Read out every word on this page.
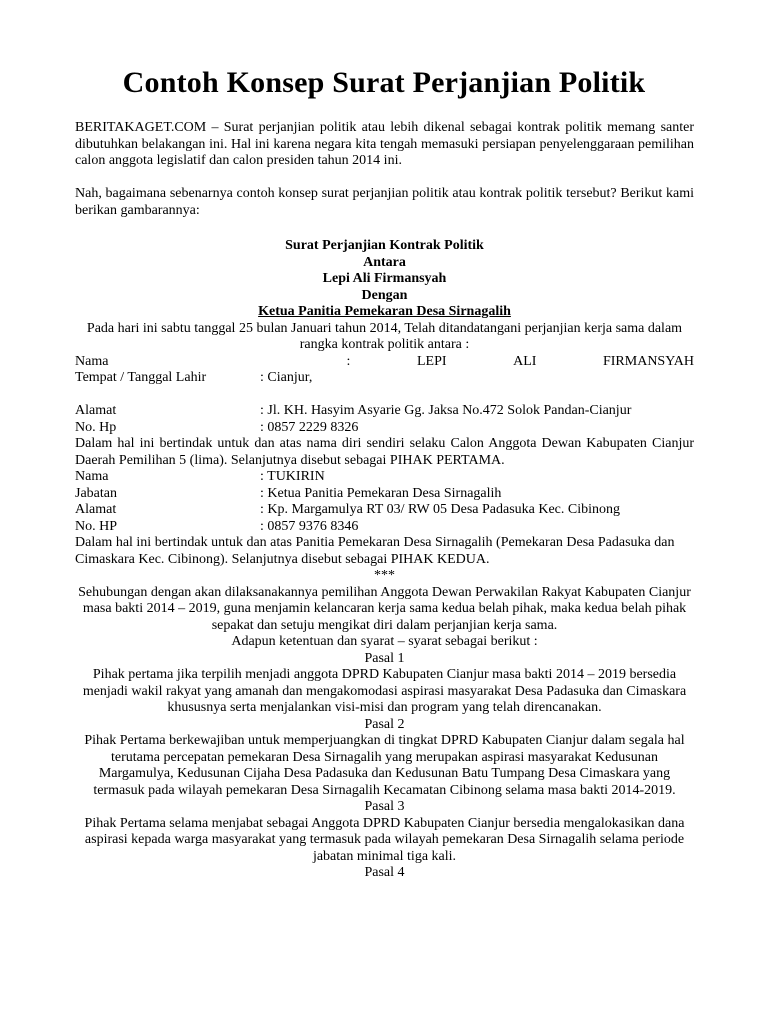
Contoh Konsep Surat Perjanjian Politik

BERITAKAGET.COM – Surat perjanjian politik atau lebih dikenal sebagai kontrak politik memang santer dibutuhkan belakangan ini. Hal ini karena negara kita tengah memasuki persiapan penyelenggaraan pemilihan calon anggota legislatif dan calon presiden tahun 2014 ini.

Nah, bagaimana sebenarnya contoh konsep surat perjanjian politik atau kontrak politik tersebut? Berikut kami berikan gambarannya:

Surat Perjanjian Kontrak Politik

Antara

Lepi Ali Firmansyah

Dengan

Ketua Panitia Pemekaran Desa Sirnagalih

Pada hari ini sabtu tanggal 25 bulan Januari tahun 2014, Telah ditandatangani perjanjian kerja sama dalam rangka kontrak politik antara :

Nama	:	LEPI	ALI	FIRMANSYAH
Tempat / Tanggal Lahir	: Cianjur,
Alamat	: Jl. KH. Hasyim Asyarie Gg. Jaksa No.472 Solok Pandan-Cianjur
No. Hp	: 0857 2229 8326

Dalam hal ini bertindak untuk dan atas nama diri sendiri selaku Calon Anggota Dewan Kabupaten Cianjur Daerah Pemilihan 5 (lima). Selanjutnya disebut sebagai PIHAK PERTAMA.

Nama	: TUKIRIN
Jabatan	: Ketua Panitia Pemekaran Desa Sirnagalih
Alamat	: Kp. Margamulya RT 03/ RW 05 Desa Padasuka Kec. Cibinong
No. HP	: 0857 9376 8346

Dalam hal ini bertindak untuk dan atas Panitia Pemekaran Desa Sirnagalih (Pemekaran Desa Padasuka dan Cimaskara Kec. Cibinong). Selanjutnya disebut sebagai PIHAK KEDUA.

***

Sehubungan dengan akan dilaksanakannya pemilihan Anggota Dewan Perwakilan Rakyat Kabupaten Cianjur masa bakti 2014 – 2019, guna menjamin kelancaran kerja sama kedua belah pihak, maka kedua belah pihak sepakat dan setuju mengikat diri dalam perjanjian kerja sama.

Adapun ketentuan dan syarat – syarat sebagai berikut :

Pasal 1

Pihak pertama jika terpilih menjadi anggota DPRD Kabupaten Cianjur masa bakti 2014 – 2019 bersedia menjadi wakil rakyat yang amanah dan mengakomodasi aspirasi masyarakat Desa Padasuka dan Cimaskara khususnya serta menjalankan visi-misi dan program yang telah direncanakan.

Pasal 2

Pihak Pertama berkewajiban untuk memperjuangkan di tingkat DPRD Kabupaten Cianjur dalam segala hal terutama percepatan pemekaran Desa Sirnagalih yang merupakan aspirasi masyarakat Kedusunan Margamulya, Kedusunan Cijaha Desa Padasuka dan Kedusunan Batu Tumpang Desa Cimaskara yang termasuk pada wilayah pemekaran Desa Sirnagalih Kecamatan Cibinong selama masa bakti 2014-2019.

Pasal 3

Pihak Pertama selama menjabat sebagai Anggota DPRD Kabupaten Cianjur bersedia mengalokasikan dana aspirasi kepada warga masyarakat yang termasuk pada wilayah pemekaran Desa Sirnagalih selama periode jabatan minimal tiga kali.

Pasal 4
